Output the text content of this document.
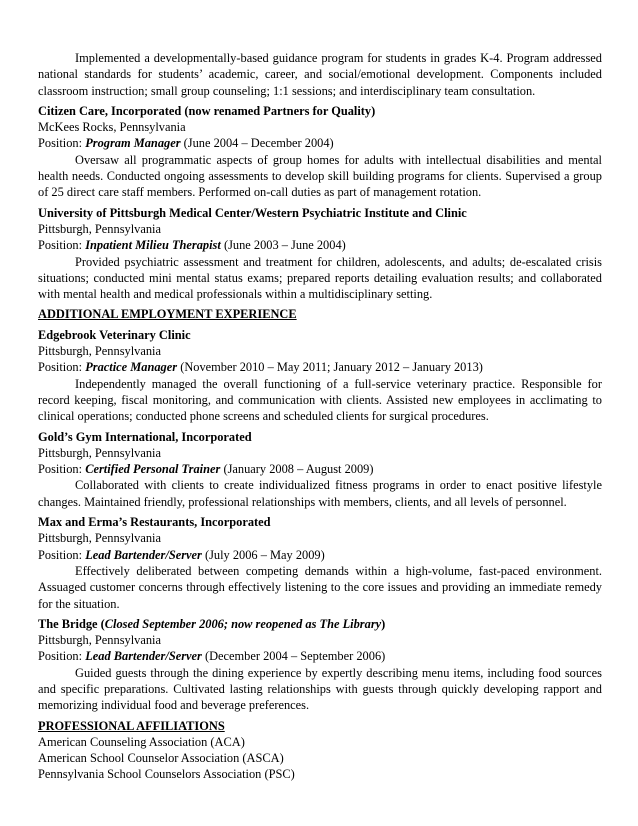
Implemented a developmentally-based guidance program for students in grades K-4. Program addressed national standards for students’ academic, career, and social/emotional development. Components included classroom instruction; small group counseling; 1:1 sessions; and interdisciplinary team consultation.

Citizen Care, Incorporated (now renamed Partners for Quality)

McKees Rocks, Pennsylvania

Position: Program Manager (June 2004 – December 2004)

Oversaw all programmatic aspects of group homes for adults with intellectual disabilities and mental health needs. Conducted ongoing assessments to develop skill building programs for clients. Supervised a group of 25 direct care staff members. Performed on-call duties as part of management rotation.

University of Pittsburgh Medical Center/Western Psychiatric Institute and Clinic

Pittsburgh, Pennsylvania

Position: Inpatient Milieu Therapist (June 2003 – June 2004)

Provided psychiatric assessment and treatment for children, adolescents, and adults; de-escalated crisis situations; conducted mini mental status exams; prepared reports detailing evaluation results; and collaborated with mental health and medical professionals within a multidisciplinary setting.

ADDITIONAL EMPLOYMENT EXPERIENCE

Edgebrook Veterinary Clinic

Pittsburgh, Pennsylvania

Position: Practice Manager (November 2010 – May 2011; January 2012 – January 2013)

Independently managed the overall functioning of a full-service veterinary practice. Responsible for record keeping, fiscal monitoring, and communication with clients. Assisted new employees in acclimating to clinical operations; conducted phone screens and scheduled clients for surgical procedures.

Gold’s Gym International, Incorporated

Pittsburgh, Pennsylvania

Position: Certified Personal Trainer (January 2008 – August 2009)

Collaborated with clients to create individualized fitness programs in order to enact positive lifestyle changes. Maintained friendly, professional relationships with members, clients, and all levels of personnel.

Max and Erma’s Restaurants, Incorporated

Pittsburgh, Pennsylvania

Position: Lead Bartender/Server (July 2006 – May 2009)

Effectively deliberated between competing demands within a high-volume, fast-paced environment. Assuaged customer concerns through effectively listening to the core issues and providing an immediate remedy for the situation.

The Bridge (Closed September 2006; now reopened as The Library)

Pittsburgh, Pennsylvania

Position: Lead Bartender/Server (December 2004 – September 2006)

Guided guests through the dining experience by expertly describing menu items, including food sources and specific preparations. Cultivated lasting relationships with guests through quickly developing rapport and memorizing individual food and beverage preferences.

PROFESSIONAL AFFILIATIONS

American Counseling Association (ACA)
American School Counselor Association (ASCA)
Pennsylvania School Counselors Association (PSC)
